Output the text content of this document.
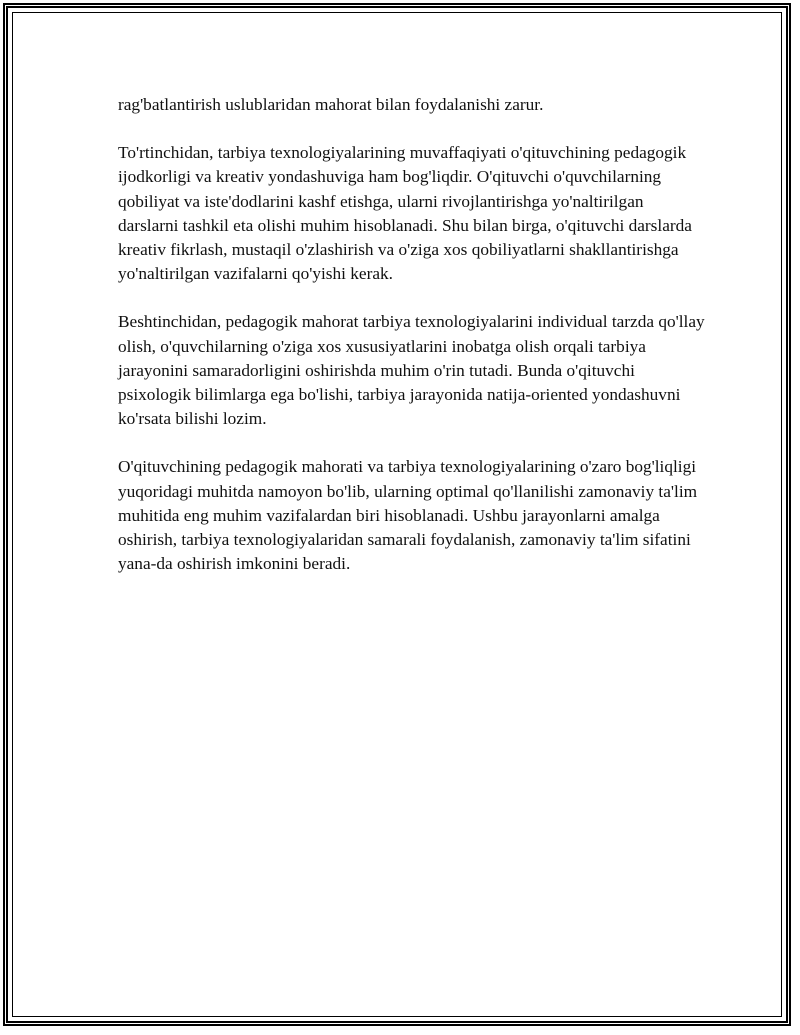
rag'batlantirish uslublaridan mahorat bilan foydalanishi zarur.

To'rtinchidan, tarbiya texnologiyalarining muvaffaqiyati o'qituvchining pedagogik ijodkorligi va kreativ yondashuviga ham bog'liqdir. O'qituvchi o'quvchilarning qobiliyat va iste'dodlarini kashf etishga, ularni rivojlantirishga yo'naltirilgan darslarni tashkil eta olishi muhim hisoblanadi. Shu bilan birga, o'qituvchi darslarda kreativ fikrlash, mustaqil o'zlashirish va o'ziga xos qobiliyatlarni shakllantirishga yo'naltirilgan vazifalarni qo'yishi kerak.

Beshtinchidan, pedagogik mahorat tarbiya texnologiyalarini individual tarzda qo'llay olish, o'quvchilarning o'ziga xos xususiyatlarini inobatga olish orqali tarbiya jarayonini samaradorligini oshirishda muhim o'rin tutadi. Bunda o'qituvchi psixologik bilimlarga ega bo'lishi, tarbiya jarayonida natija-oriented yondashuvni ko'rsata bilishi lozim.

O'qituvchining pedagogik mahorati va tarbiya texnologiyalarining o'zaro bog'liqligi yuqoridagi muhitda namoyon bo'lib, ularning optimal qo'llanilishi zamonaviy ta'lim muhitida eng muhim vazifalardan biri hisoblanadi. Ushbu jarayonlarni amalga oshirish, tarbiya texnologiyalaridan samarali foydalanish, zamonaviy ta'lim sifatini yana-da oshirish imkonini beradi.
